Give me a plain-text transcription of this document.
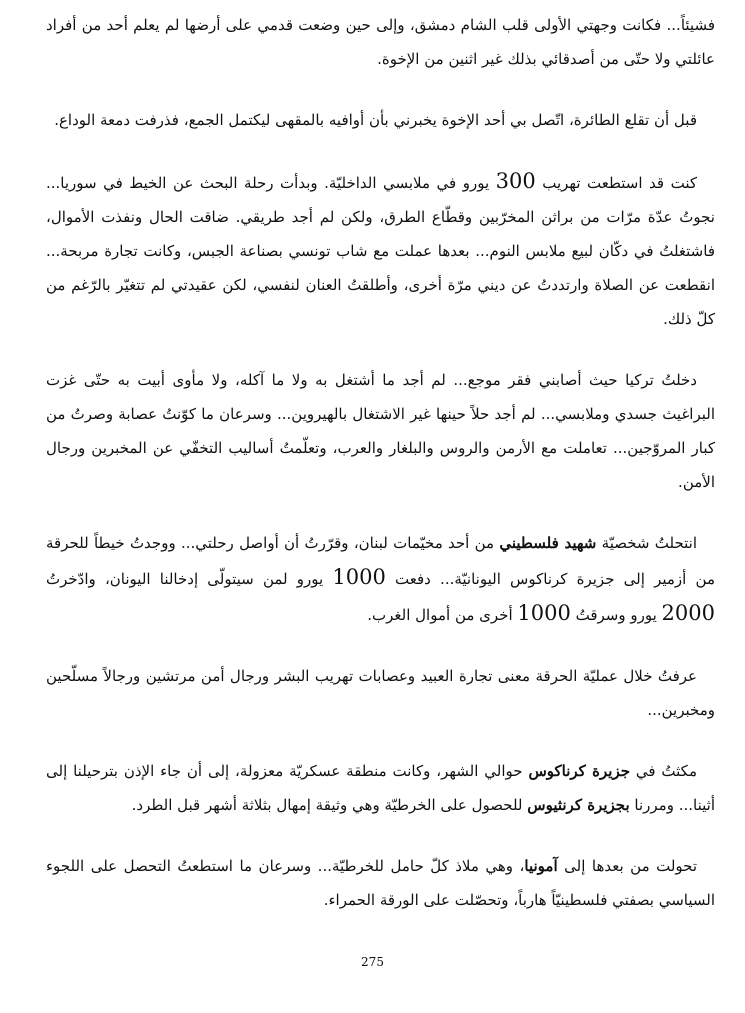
فشيئاً... فكانت وجهتي الأولى قلب الشام دمشق، وإلى حين وضعت قدمي على أرضها لم يعلم أحد من أفراد عائلتي ولا حتّى من أصدقائي بذلك غير اثنين من الإخوة.

قبل أن تقلع الطائرة، اتّصل بي أحد الإخوة يخبرني بأن أوافيه بالمقهى ليكتمل الجمع، فذرفت دمعة الوداع.

كنت قد استطعت تهريب 300 يورو في ملابسي الداخليّة. وبدأت رحلة البحث عن الخيط في سوريا... نجوتُ عدّة مرّات من براثن المخرّبين وقطّاع الطرق، ولكن لم أجد طريقي. ضاقت الحال ونفذت الأموال، فاشتغلتُ في دكّان لبيع ملابس النوم... بعدها عملت مع شاب تونسي بصناعة الجبس، وكانت تجارة مربحة... انقطعت عن الصلاة وارتددتُ عن ديني مرّة أخرى، وأطلقتُ العنان لنفسي، لكن عقيدتي لم تتغيّر بالرّغم من كلّ ذلك.

دخلتُ تركيا حيث أصابني فقر موجع... لم أجد ما أشتغل به ولا ما آكله، ولا مأوى أبيت به حتّى غزت البراغيث جسدي وملابسي... لم أجد حلاً حينها غير الاشتغال بالهيروين... وسرعان ما كوّنتُ عصابة وصرتُ من كبار المروّجين... تعاملت مع الأرمن والروس والبلغار والعرب، وتعلّمتُ أساليب التخفّي عن المخبرين ورجال الأمن.

انتحلتُ شخصيّة شهيد فلسطيني من أحد مخيّمات لبنان، وقرّرتُ أن أواصل رحلتي... ووجدتُ خيطاً للحرقة من أزمير إلى جزيرة كرناكوس اليونانيّة... دفعت 1000 يورو لمن سيتولّى إدخالنا اليونان، وادّخرتُ 2000 يورو وسرقتُ 1000 أخرى من أموال الغرب.

عرفتُ خلال عمليّة الحرقة معنى تجارة العبيد وعصابات تهريب البشر ورجال أمن مرتشين ورجالاً مسلّحين ومخبرين...

مكثتُ في جزيرة كرناكوس حوالي الشهر، وكانت منطقة عسكريّة معزولة، إلى أن جاء الإذن بترحيلنا إلى أثينا... ومررنا بجزيرة كرنثيوس للحصول على الخرطيّة وهي وثيقة إمهال بثلاثة أشهر قبل الطرد.

تحولت من بعدها إلى آمونيا، وهي ملاذ كلّ حامل للخرطيّة... وسرعان ما استطعتُ التحصل على اللجوء السياسي بصفتي فلسطينيّاً هارباً، وتحصّلت على الورقة الحمراء.

275
